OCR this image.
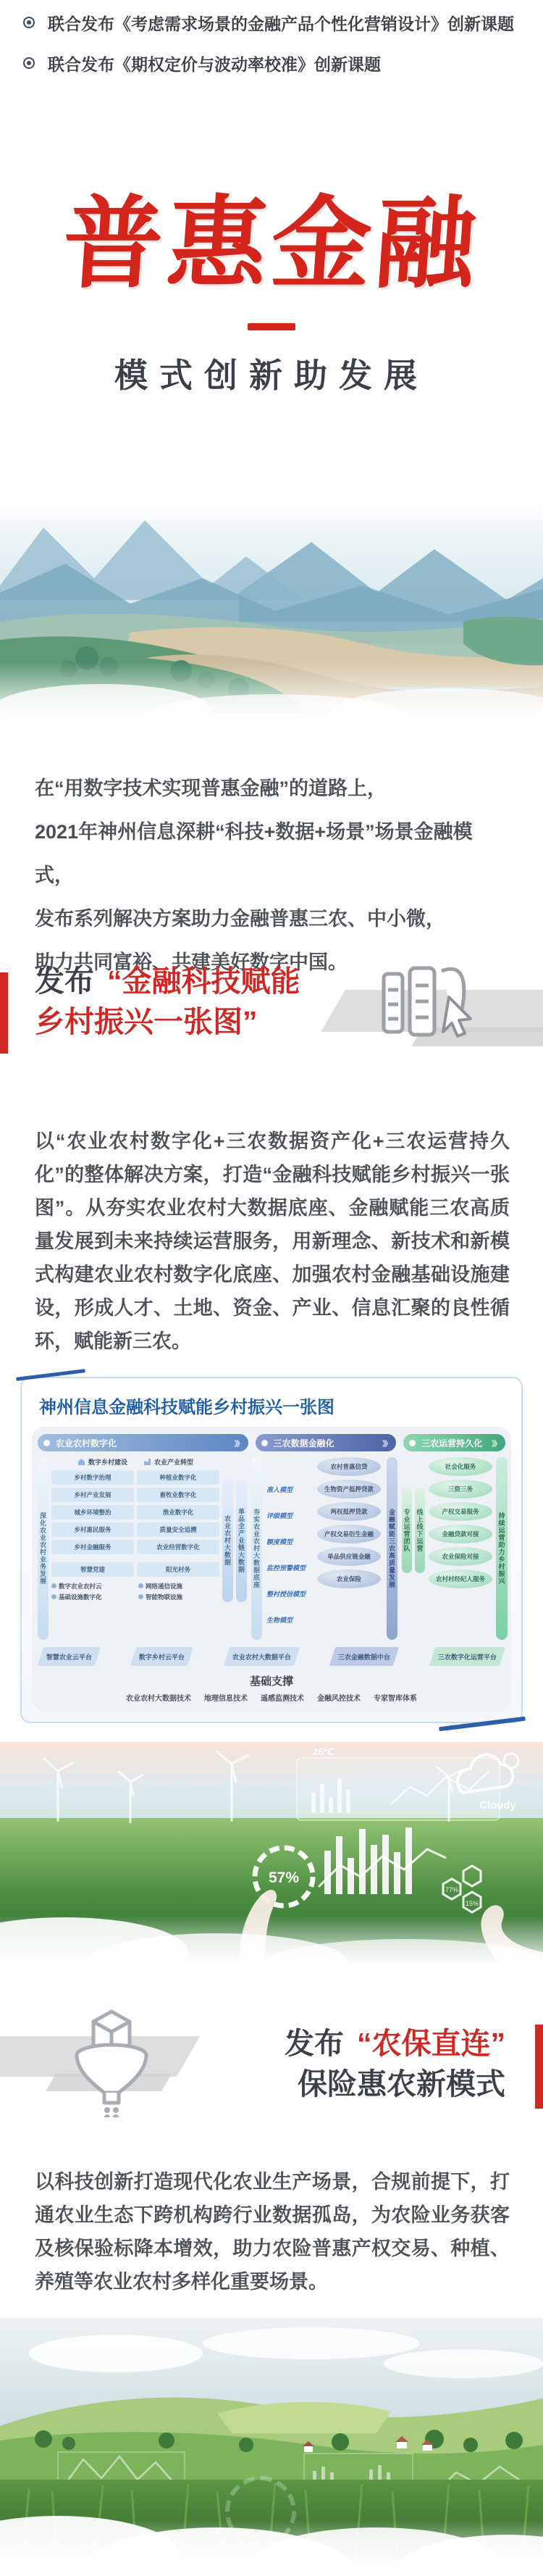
联合发布《考虑需求场景的金融产品个性化营销设计》创新课题
联合发布《期权定价与波动率校准》创新课题
普惠金融
模式创新助发展
在“用数字技术实现普惠金融”的道路上，
2021年神州信息深耕“科技+数据+场景”场景金融模式，
发布系列解决方案助力金融普惠三农、中小微，
助力共同富裕、共建美好数字中国。
发布 “金融科技赋能
乡村振兴一张图”
以“农业农村数字化+三农数据资产化+三农运营持久化”的整体解决方案，打造“金融科技赋能乡村振兴一张图”。从夯实农业农村大数据底座、金融赋能三农高质量发展到未来持续运营服务，用新理念、新技术和新模式构建农业农村数字化底座、加强农村金融基础设施建设，形成人才、土地、资金、产业、信息汇聚的良性循环，赋能新三农。
神州信息金融科技赋能乡村振兴一张图
农业农村数字化	》》	三农数据金融化	》》	三农运营持久化 》》
深化农业农村业务发展
数字乡村建设	农业产业转型
乡村数字治理	种植业数字化
乡村产业发展	畜牧业数字化
城乡环境整治	渔业数字化
乡村惠民服务	质量安全追溯
乡村金融服务	农业经营数字化
智慧党建	阳光村务
数字农业农村云	网络通信设施
基础设施数字化	智能物联设施
农业农村大数据	单品全产业链大数据	夯实农业农村大数据底座
准入模型
评级模型
额度模型
监控预警模型
整村授信模型
生物模型
农村普惠信贷
生物资产抵押贷款
两权抵押贷款
产权交易衍生金融
单品供应链金融
农业保险	金融赋能三农高质量发展	专业运营团队 线上线下运营
社会化服务
三资三务
产权交易服务
金融贷款对接
农业保险对接
农村村经纪人服务	持续运营助力乡村振兴
智慧农业云平台	数字乡村云平台	农业农村大数据平台	三农金融数据中台	三农数字化运营平台
基础支撑
农业农村大数据技术 地理信息技术 遥感监测技术 金融风控技术 专家智库体系
Cloudy
25℃
57%
77%
15%
发布 “农保直连”
保险惠农新模式
以科技创新打造现代化农业生产场景，合规前提下，打通农业生态下跨机构跨行业数据孤岛，为农险业务获客及核保验标降本增效，助力农险普惠产权交易、种植、养殖等农业农村多样化重要场景。
